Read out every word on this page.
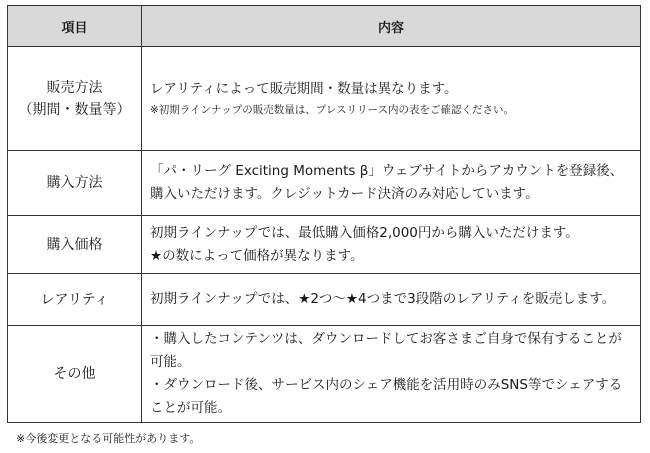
項目	内容

販売方法
（期間・数量等）	レアリティによって販売期間・数量は異なります。
※初期ラインナップの販売数量は、プレスリリース内の表をご確認ください。

購入方法	「パ・リーグ Exciting Moments β」ウェブサイトからアカウントを登録後、購入いただけます。クレジットカード決済のみ対応しています。
購入価格	初期ラインナップでは、最低購入価格2,000円から購入いただけます。
★の数によって価格が異なります。

レアリティ	初期ラインナップでは、★2つ～★4つまで3段階のレアリティを販売します。
その他	・購入したコンテンツは、ダウンロードしてお客さまご自身で保有することが可能。
・ダウンロード後、サービス内のシェア機能を活用時のみSNS等でシェアすることが可能。
※今後変更となる可能性があります。
